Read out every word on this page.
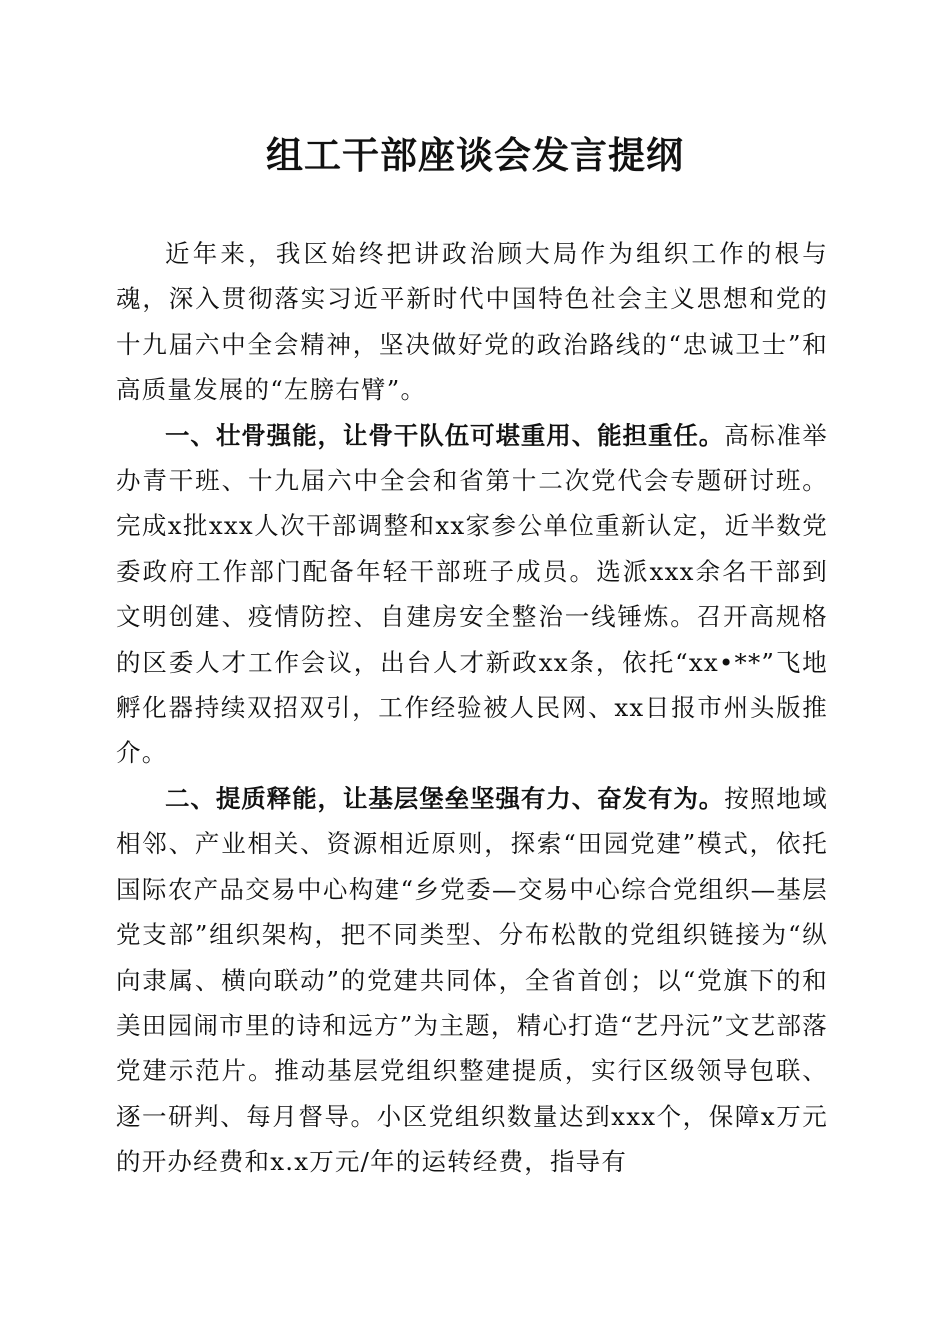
组工干部座谈会发言提纲

近年来，我区始终把讲政治顾大局作为组织工作的根与魂，深入贯彻落实习近平新时代中国特色社会主义思想和党的十九届六中全会精神，坚决做好党的政治路线的“忠诚卫士”和高质量发展的“左膀右臂”。

一、壮骨强能，让骨干队伍可堪重用、能担重任。高标准举办青干班、十九届六中全会和省第十二次党代会专题研讨班。完成x批xxx人次干部调整和xx家参公单位重新认定，近半数党委政府工作部门配备年轻干部班子成员。选派xxx余名干部到文明创建、疫情防控、自建房安全整治一线锤炼。召开高规格的区委人才工作会议，出台人才新政xx条，依托“xx•**”飞地孵化器持续双招双引，工作经验被人民网、xx日报市州头版推介。

二、提质释能，让基层堡垒坚强有力、奋发有为。按照地域相邻、产业相关、资源相近原则，探索“田园党建”模式，依托国际农产品交易中心构建“乡党委—交易中心综合党组织—基层党支部”组织架构，把不同类型、分布松散的党组织链接为“纵向隶属、横向联动”的党建共同体，全省首创；以“党旗下的和美田园闹市里的诗和远方”为主题，精心打造“艺丹沅”文艺部落党建示范片。推动基层党组织整建提质，实行区级领导包联、逐一研判、每月督导。小区党组织数量达到xxx个，保障x万元的开办经费和x.x万元/年的运转经费，指导有
